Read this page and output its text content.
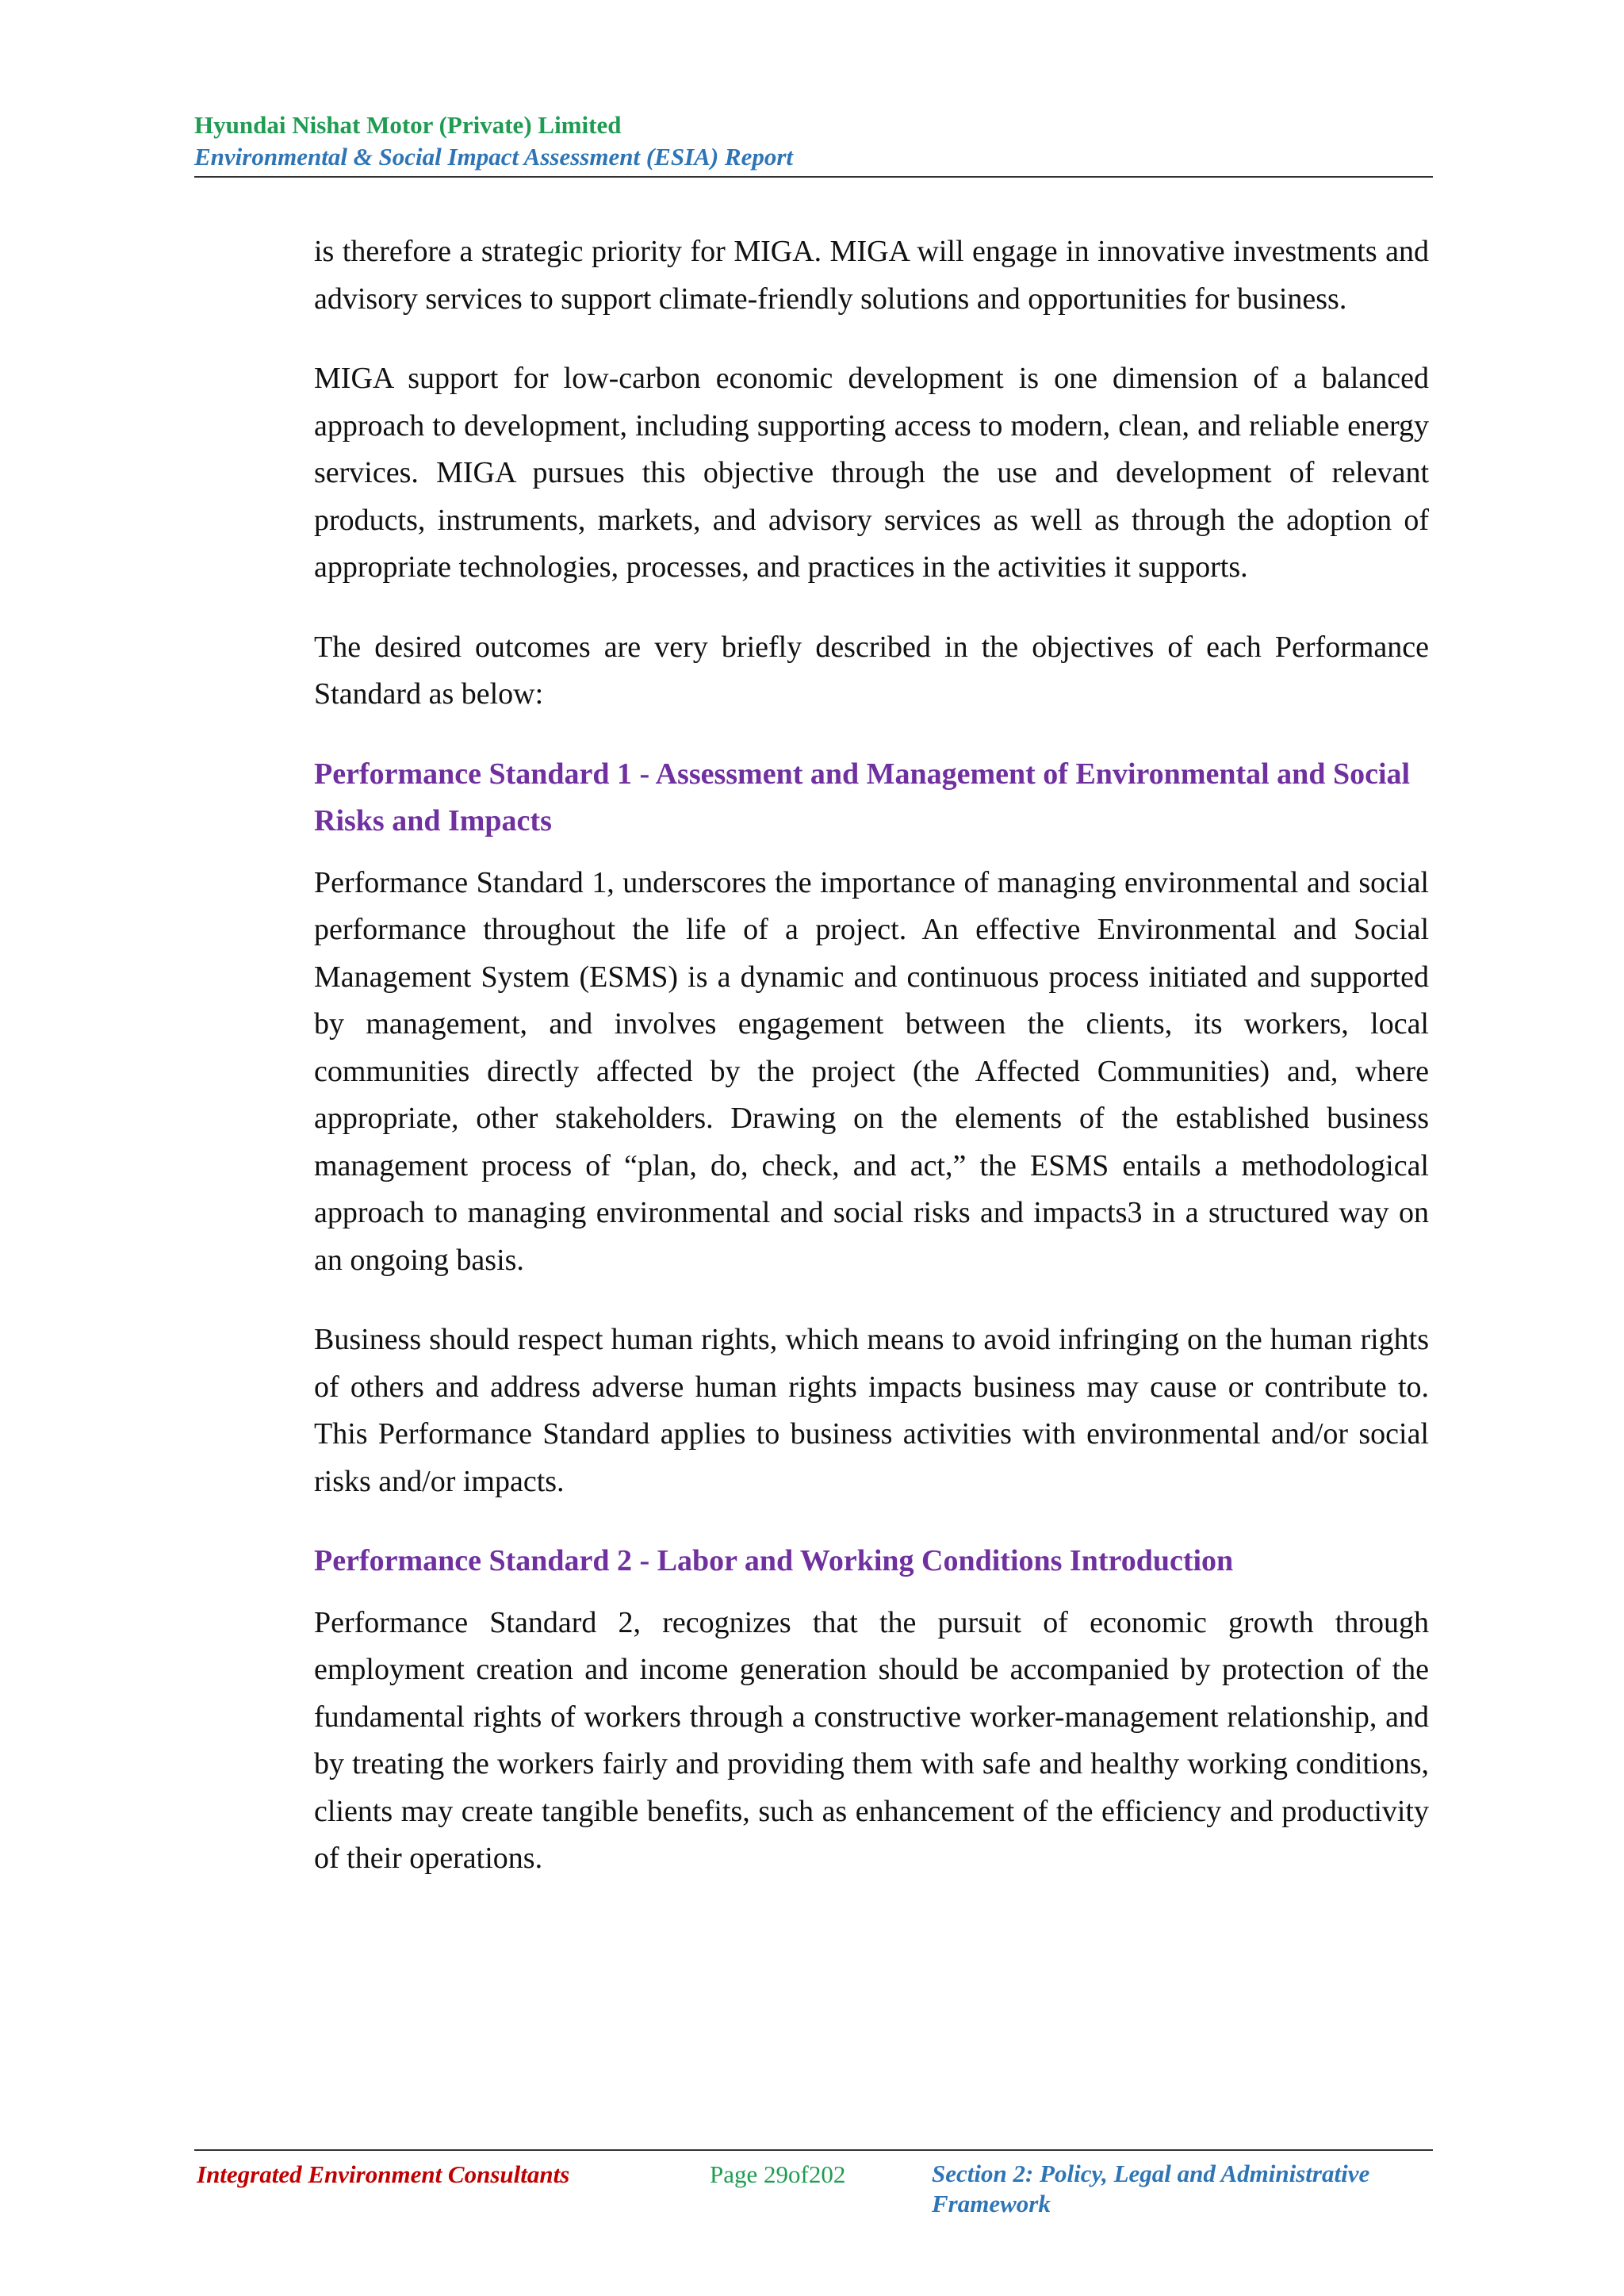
Hyundai Nishat Motor (Private) Limited
Environmental & Social Impact Assessment (ESIA) Report

is therefore a strategic priority for MIGA. MIGA will engage in innovative investments and advisory services to support climate-friendly solutions and opportunities for business.

MIGA support for low-carbon economic development is one dimension of a balanced approach to development, including supporting access to modern, clean, and reliable energy services. MIGA pursues this objective through the use and development of relevant products, instruments, markets, and advisory services as well as through the adoption of appropriate technologies, processes, and practices in the activities it supports.

The desired outcomes are very briefly described in the objectives of each Performance Standard as below:

Performance Standard 1 - Assessment and Management of Environmental and Social Risks and Impacts

Performance Standard 1, underscores the importance of managing environmental and social performance throughout the life of a project. An effective Environmental and Social Management System (ESMS) is a dynamic and continuous process initiated and supported by management, and involves engagement between the clients, its workers, local communities directly affected by the project (the Affected Communities) and, where appropriate, other stakeholders. Drawing on the elements of the established business management process of “plan, do, check, and act,” the ESMS entails a methodological approach to managing environmental and social risks and impacts3 in a structured way on an ongoing basis.

Business should respect human rights, which means to avoid infringing on the human rights of others and address adverse human rights impacts business may cause or contribute to. This Performance Standard applies to business activities with environmental and/or social risks and/or impacts.

Performance Standard 2 - Labor and Working Conditions Introduction

Performance Standard 2, recognizes that the pursuit of economic growth through employment creation and income generation should be accompanied by protection of the fundamental rights of workers through a constructive worker-management relationship, and by treating the workers fairly and providing them with safe and healthy working conditions, clients may create tangible benefits, such as enhancement of the efficiency and productivity of their operations.

Integrated Environment Consultants	Page 29of202	Section 2: Policy, Legal and Administrative Framework
